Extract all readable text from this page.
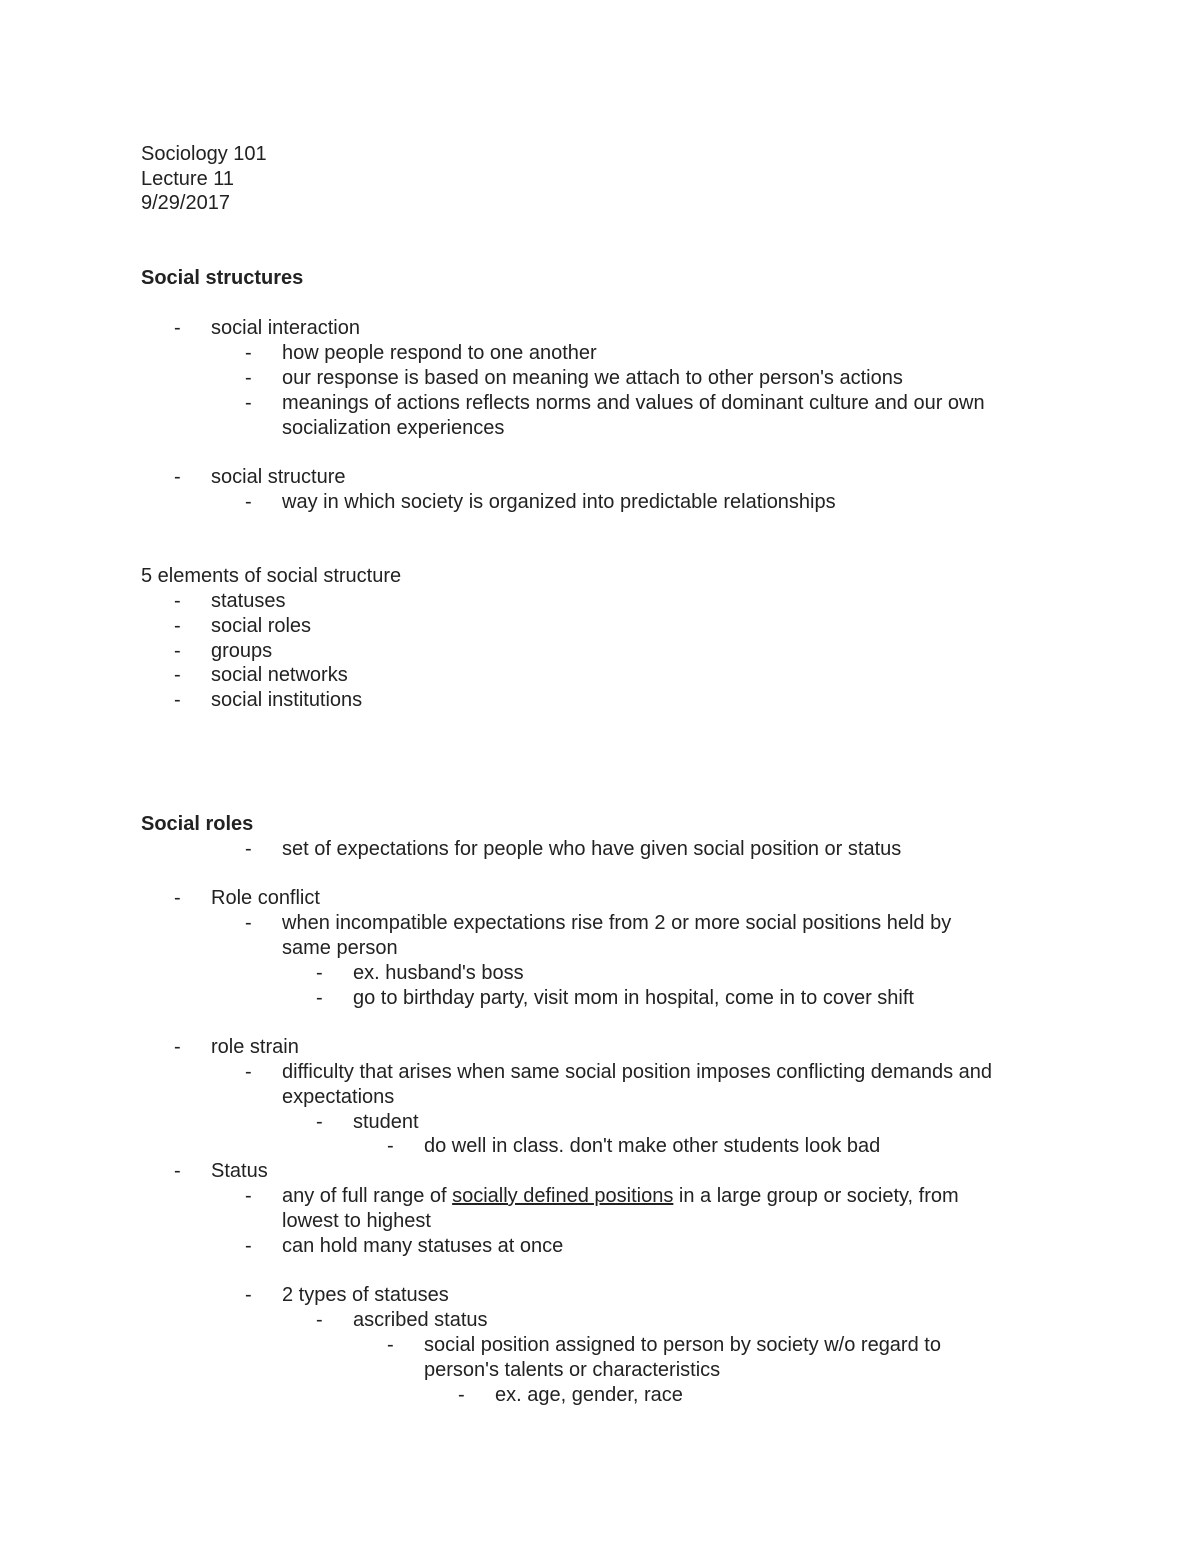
Sociology 101
Lecture 11
9/29/2017
Social structures
- social interaction
- how people respond to one another
- our response is based on meaning we attach to other person's actions
- meanings of actions reflects norms and values of dominant culture and our own
socialization experiences
- social structure
- way in which society is organized into predictable relationships
5 elements of social structure
- statuses
- social roles
- groups
- social networks
- social institutions
Social roles
- set of expectations for people who have given social position or status
- Role conflict
- when incompatible expectations rise from 2 or more social positions held by
same person
- ex. husband's boss
- go to birthday party, visit mom in hospital, come in to cover shift
- role strain
- difficulty that arises when same social position imposes conflicting demands and
expectations
- student
- do well in class. don't make other students look bad
- Status
- any of full range of socially defined positions in a large group or society, from
lowest to highest
- can hold many statuses at once
- 2 types of statuses
- ascribed status
- social position assigned to person by society w/o regard to
person's talents or characteristics
- ex. age, gender, race
